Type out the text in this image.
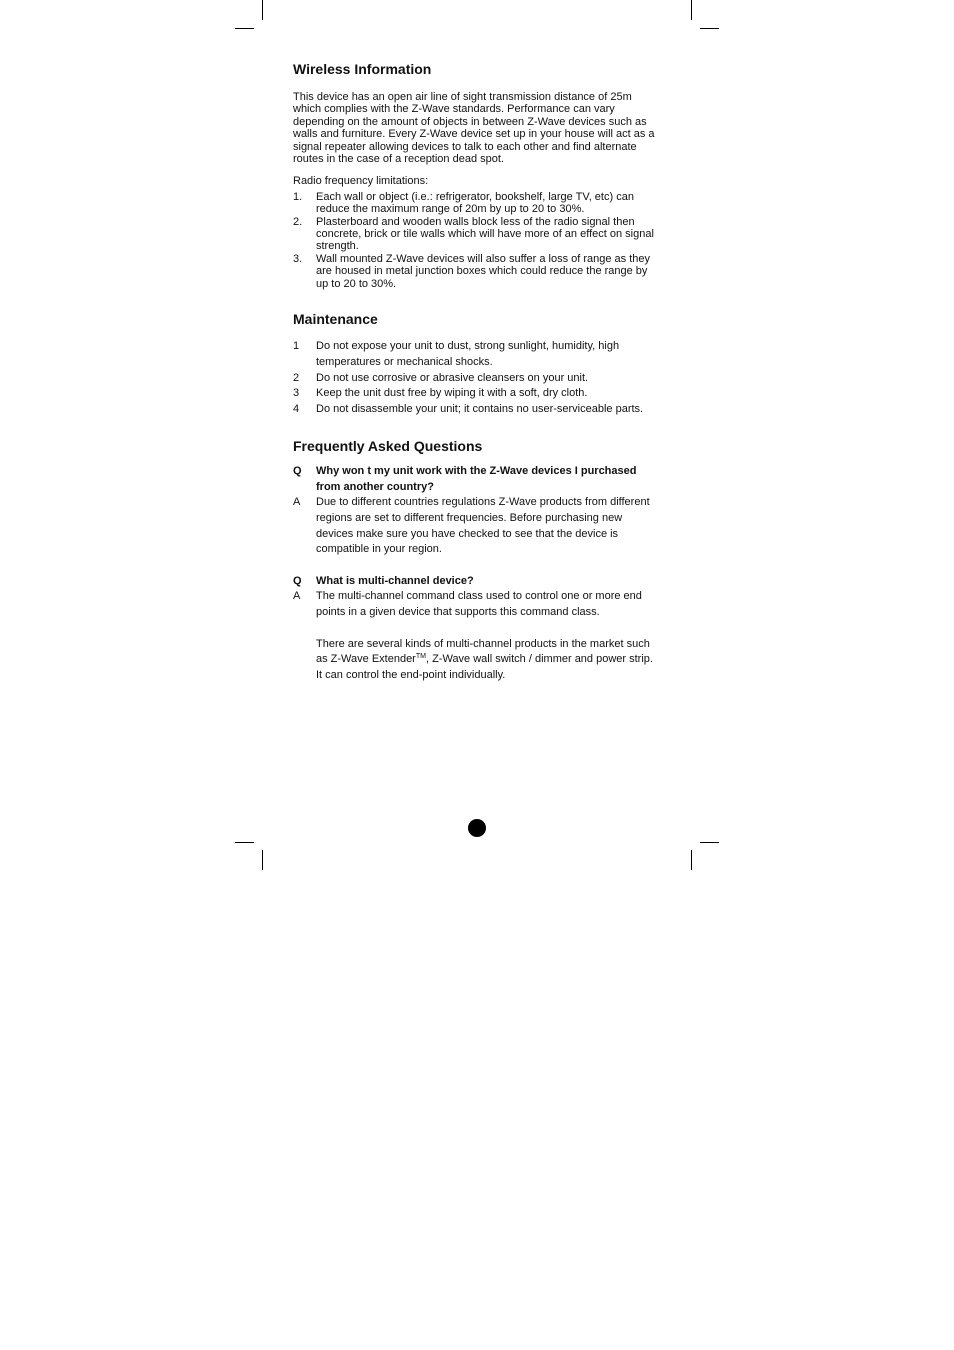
Wireless Information

This device has an open air line of sight transmission distance of 25m which complies with the Z-Wave standards. Performance can vary depending on the amount of objects in between Z-Wave devices such as walls and furniture. Every Z-Wave device set up in your house will act as a signal repeater allowing devices to talk to each other and find alternate routes in the case of a reception dead spot.

Radio frequency limitations:

1.	Each wall or object (i.e.: refrigerator, bookshelf, large TV, etc) can reduce the maximum range of 20m by up to 20 to 30%.
2.	Plasterboard and wooden walls block less of the radio signal then concrete, brick or tile walls which will have more of an effect on signal strength.
3.	Wall mounted Z-Wave devices will also suffer a loss of range as they are housed in metal junction boxes which could reduce the range by up to 20 to 30%.
Maintenance
1	Do not expose your unit to dust, strong sunlight, humidity, high temperatures or mechanical shocks.
2	Do not use corrosive or abrasive cleansers on your unit.
3	Keep the unit dust free by wiping it with a soft, dry cloth.
4	Do not disassemble your unit; it contains no user-serviceable parts.
Frequently Asked Questions
Q	Why won t my unit work with the Z-Wave devices I purchased from another country?
A	Due to different countries regulations Z-Wave products from different regions are set to different frequencies. Before purchasing new devices make sure you have checked to see that the device is compatible in your region.
Q	What is multi-channel device?
A	The multi-channel command class used to control one or more end points in a given device that supports this command class.
There are several kinds of multi-channel products in the market such as Z-Wave Extender™, Z-Wave wall switch / dimmer and power strip. It can control the end-point individually.
